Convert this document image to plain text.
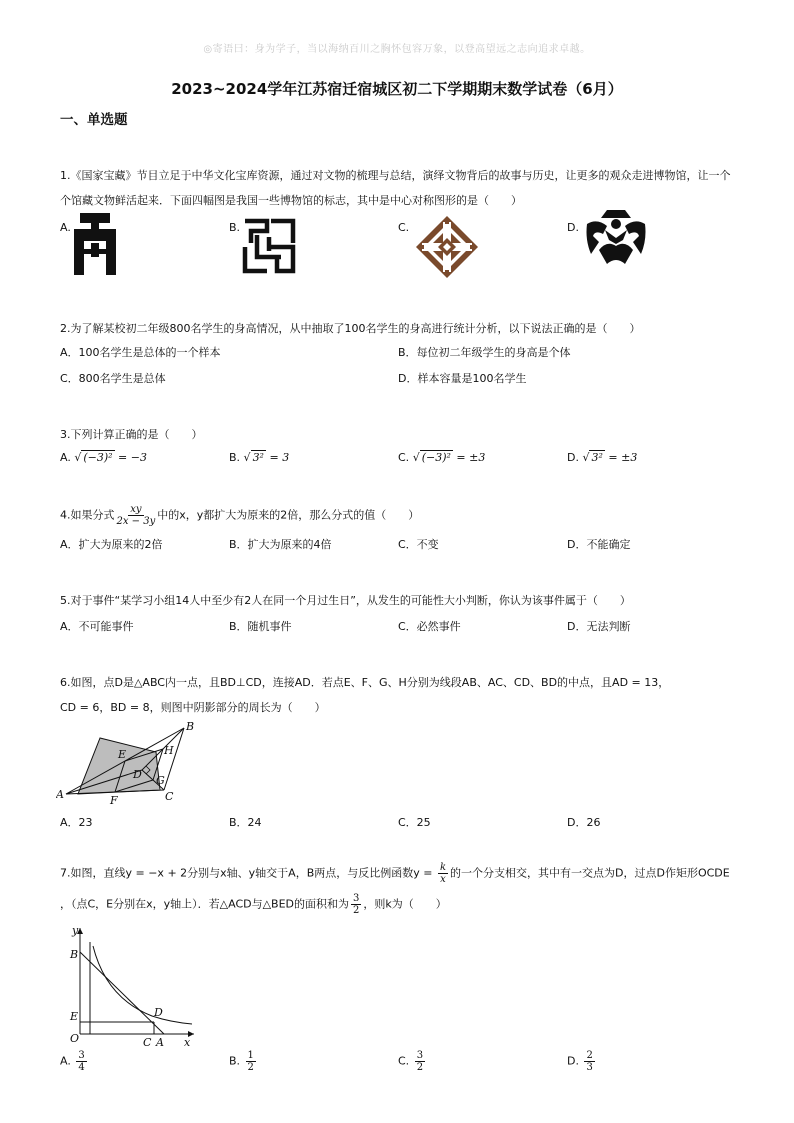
◎寄语曰：身为学子，当以海纳百川之胸怀包容万象，以登高望远之志向追求卓越。
2023~2024学年江苏宿迁宿城区初二下学期期末数学试卷（6月）
一、单选题
1.《国家宝藏》节目立足于中华文化宝库资源，通过对文物的梳理与总结，演绎文物背后的故事与历史，让更多的观众走进博物馆，让一个
个馆藏文物鲜活起来．下面四幅图是我国一些博物馆的标志，其中是中心对称图形的是（　　）
A.	B.	C.	D.
2.为了解某校初二年级800名学生的身高情况，从中抽取了100名学生的身高进行统计分析，以下说法正确的是（　　）
A．100名学生是总体的一个样本	B．每位初二年级学生的身高是个体
C．800名学生是总体	D．样本容量是100名学生
3.下列计算正确的是（　　）
A. √ (−3)² = −3	B. √ 3² = 3	C. √ (−3)² = ±3	D. √ 3² = ±3
4.如果分式 $\frac{xy}{2x - 3y}$ 中的x，y都扩大为原来的2倍，那么分式的值（　　）
A．扩大为原来的2倍	B．扩大为原来的4倍	C．不变	D．不能确定
5.对于事件“某学习小组14人中至少有2人在同一个月过生日”，从发生的可能性大小判断，你认为该事件属于（　　）
A．不可能事件	B．随机事件	C．必然事件	D．无法判断
6.如图，点D是△ABC内一点，且BD⊥CD，连接AD．若点E、F、G、H分别为线段AB、AC、CD、BD的中点，且AD = 13，
CD = 6，BD = 8，则图中阴影部分的周长为（　　）
A
B
C
D
E
F
G
H
A．23	B．24	C．25	D．26
7.如图，直线y = −x + 2分别与x轴、y轴交于A，B两点，与反比例函数$y = \frac{k}{x}$ 的一个分支相交，其中有一交点为D，过点D作矩形OCDE
，（点C，E分别在x，y轴上）．若△ACD与△BED的面积和为 $\frac{3}{2}$ ，则k为（　　）
y
x
B
E
O	C A
D
A. $\frac{3}{4}$	B. $\frac{1}{2}$	C. $\frac{3}{2}$	D. $\frac{2}{3}$
